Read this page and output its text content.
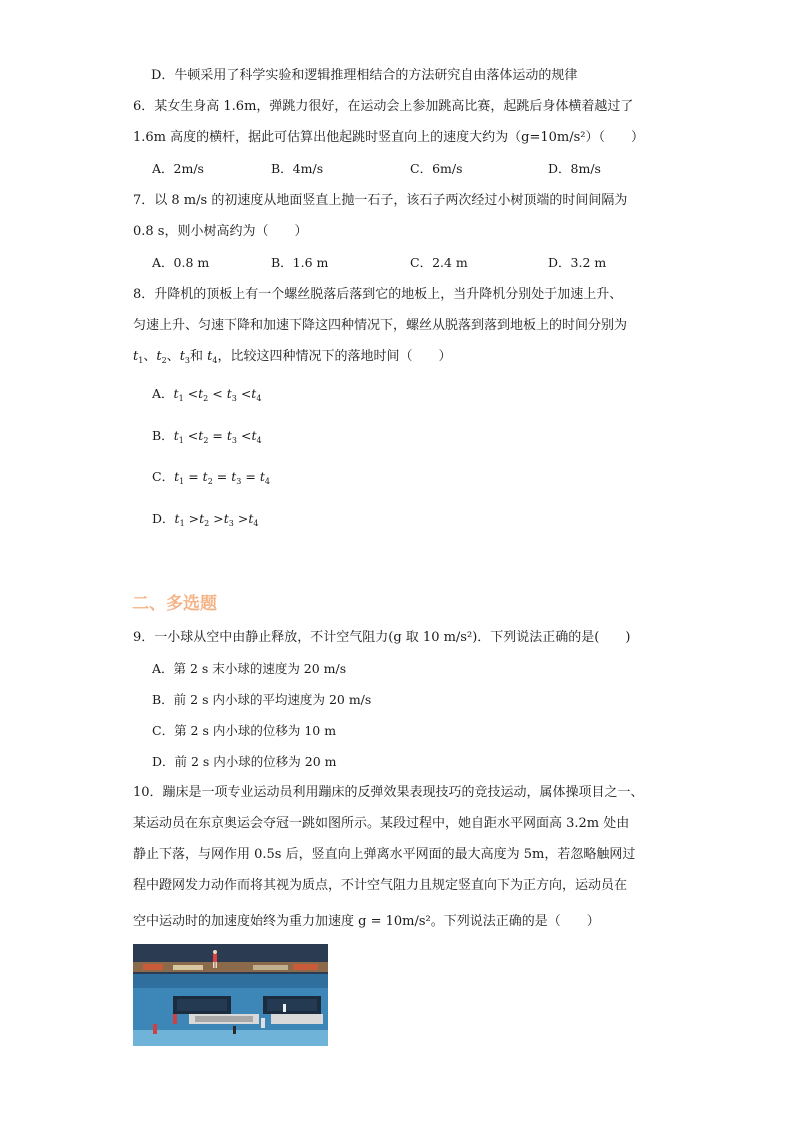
D．牛顿采用了科学实验和逻辑推理相结合的方法研究自由落体运动的规律
6．某女生身高 1.6m，弹跳力很好，在运动会上参加跳高比赛，起跳后身体横着越过了
1.6m 高度的横杆，据此可估算出他起跳时竖直向上的速度大约为（g=10m/s²）（　　）
A．2m/s	B．4m/s	C．6m/s	D．8m/s
7．以 8 m/s 的初速度从地面竖直上抛一石子，该石子两次经过小树顶端的时间间隔为
0.8 s，则小树高约为（　　）
A．0.8 m	B．1.6 m	C．2.4 m	D．3.2 m
8．升降机的顶板上有一个螺丝脱落后落到它的地板上，当升降机分别处于加速上升、
匀速上升、匀速下降和加速下降这四种情况下，螺丝从脱落到落到地板上的时间分别为
$t_1$、$t_2$、$t_3$和 $t_4$，比较这四种情况下的落地时间（　　）
A．$t_1 <t_2 < t_3 <t_4$
B．$t_1 <t_2 = t_3 <t_4$
C．$t_1 = t_2 = t_3 = t_4$
D．$t_1 >t_2 >t_3 >t_4$
二、多选题
9．一小球从空中由静止释放，不计空气阻力(g 取 10 m/s²)．下列说法正确的是(　　)
A．第 2 s 末小球的速度为 20 m/s
B．前 2 s 内小球的平均速度为 20 m/s
C．第 2 s 内小球的位移为 10 m
D．前 2 s 内小球的位移为 20 m
10．蹦床是一项专业运动员利用蹦床的反弹效果表现技巧的竞技运动，属体操项目之一、
某运动员在东京奥运会夺冠一跳如图所示。某段过程中，她自距水平网面高 3.2m 处由
静止下落，与网作用 0.5s 后，竖直向上弹离水平网面的最大高度为 5m，若忽略触网过
程中蹬网发力动作而将其视为质点，不计空气阻力且规定竖直向下为正方向，运动员在
空中运动时的加速度始终为重力加速度 g = 10m/s²。下列说法正确的是（　　）
